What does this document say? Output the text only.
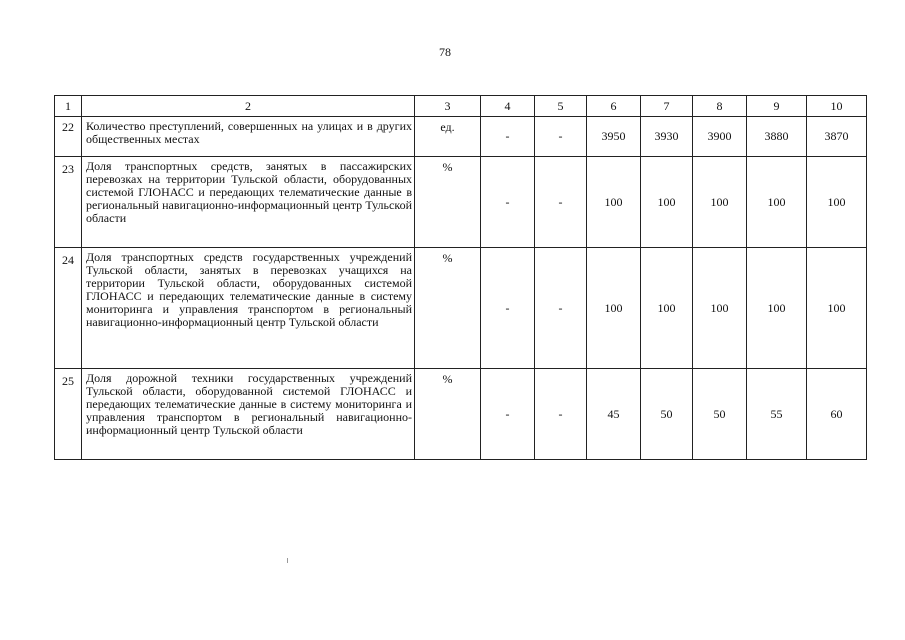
78
1	2	3	4	5	6	7	8	9	10
22	Количество преступлений, совершенных на улицах и в других общественных местах	ед.	-	-	3950	3930	3900	3880	3870
23	Доля транспортных средств, занятых в пассажирских перевозках на территории Тульской области, оборудованных системой ГЛОНАСС и передающих телематические данные в региональный навигационно-информационный центр Тульской области	%	-	-	100	100	100	100	100
24	Доля транспортных средств государственных учреждений Тульской области, занятых в перевозках учащихся на территории Тульской области, оборудованных системой ГЛОНАСС и передающих телематические данные в систему мониторинга и управления транспортом в региональный навигационно-информационный центр Тульской области	%	-	-	100	100	100	100	100
25	Доля дорожной техники государственных учреждений Тульской области, оборудованной системой ГЛОНАСС и передающих телематические данные в систему мониторинга и управления транспортом в региональный навигационно-информационный центр Тульской области	%	-	-	45	50	50	55	60
